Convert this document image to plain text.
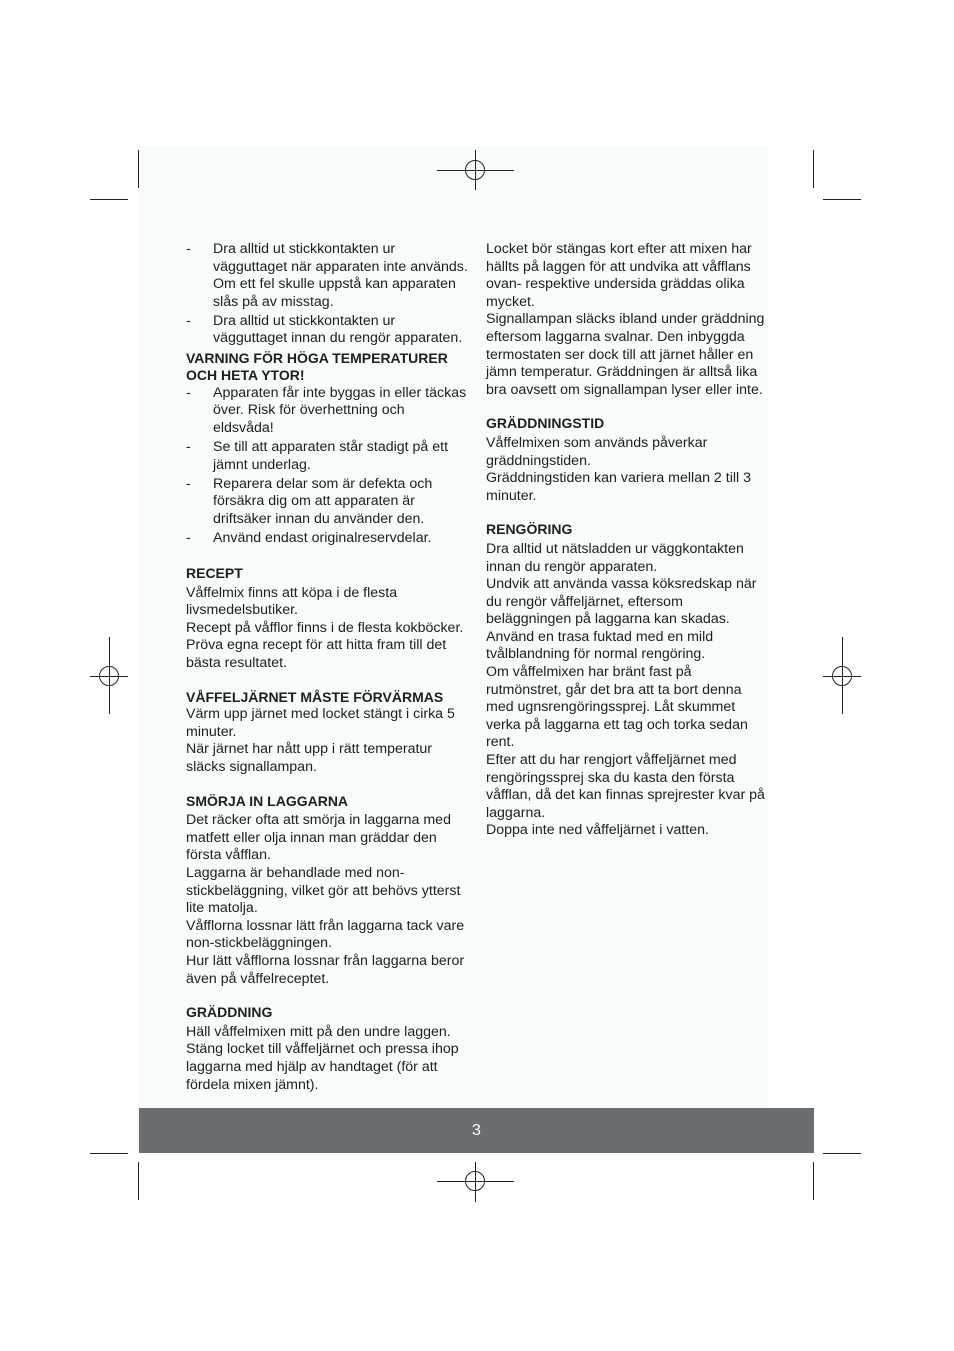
- Dra alltid ut stickkontakten ur vägguttaget när apparaten inte används. Om ett fel skulle uppstå kan apparaten slås på av misstag.
- Dra alltid ut stickkontakten ur vägguttaget innan du rengör apparaten.

VARNING FÖR HÖGA TEMPERATURER OCH HETA YTOR!

- Apparaten får inte byggas in eller täckas över. Risk för överhettning och eldsvåda!
- Se till att apparaten står stadigt på ett jämnt underlag.
- Reparera delar som är defekta och försäkra dig om att apparaten är driftsäker innan du använder den.
- Använd endast originalreservdelar.

RECEPT

Våffelmix finns att köpa i de flesta livsmedelsbutiker.

Recept på våfflor finns i de flesta kokböcker. Pröva egna recept för att hitta fram till det bästa resultatet.

VÅFFELJÄRNET MÅSTE FÖRVÄRMAS

Värm upp järnet med locket stängt i cirka 5 minuter.

När järnet har nått upp i rätt temperatur släcks signallampan.

SMÖRJA IN LAGGARNA

Det räcker ofta att smörja in laggarna med matfett eller olja innan man gräddar den första våfflan.

Laggarna är behandlade med non-stickbeläggning, vilket gör att behövs ytterst lite matolja.

Våfflorna lossnar lätt från laggarna tack vare non-stickbeläggningen.

Hur lätt våfflorna lossnar från laggarna beror även på våffelreceptet.

GRÄDDNING

Häll våffelmixen mitt på den undre laggen.

Stäng locket till våffeljärnet och pressa ihop laggarna med hjälp av handtaget (för att fördela mixen jämnt).

Locket bör stängas kort efter att mixen har hällts på laggen för att undvika att våfflans ovan- respektive undersida gräddas olika mycket.

Signallampan släcks ibland under gräddning eftersom laggarna svalnar. Den inbyggda termostaten ser dock till att järnet håller en jämn temperatur. Gräddningen är alltså lika bra oavsett om signallampan lyser eller inte.

GRÄDDNINGSTID

Våffelmixen som används påverkar gräddningstiden.

Gräddningstiden kan variera mellan 2 till 3 minuter.

RENGÖRING

Dra alltid ut nätsladden ur väggkontakten innan du rengör apparaten.

Undvik att använda vassa köksredskap när du rengör våffeljärnet, eftersom beläggningen på laggarna kan skadas.

Använd en trasa fuktad med en mild tvålblandning för normal rengöring.

Om våffelmixen har bränt fast på rutmönstret, går det bra att ta bort denna med ugnsrengöringssprej. Låt skummet verka på laggarna ett tag och torka sedan rent.

Efter att du har rengjort våffeljärnet med rengöringssprej ska du kasta den första våfflan, då det kan finnas sprejrester kvar på laggarna.

Doppa inte ned våffeljärnet i vatten.

3
